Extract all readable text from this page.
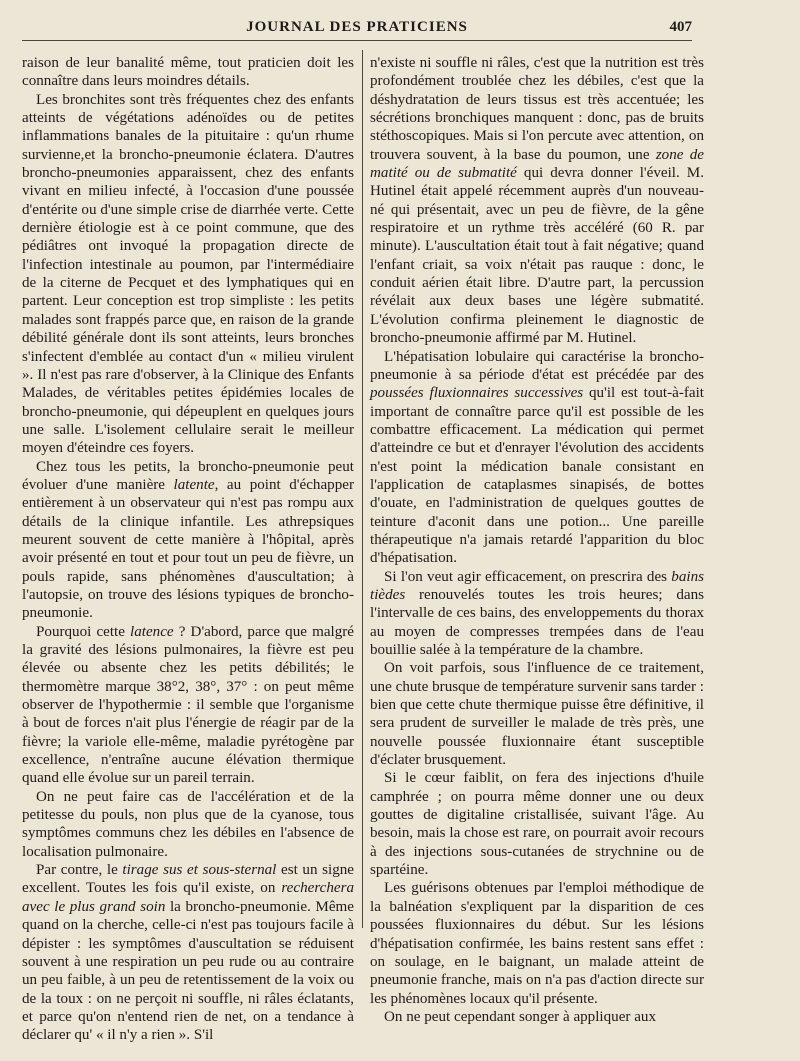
JOURNAL DES PRATICIENS	407

raison de leur banalité même, tout praticien doit les connaître dans leurs moindres détails.

Les bronchites sont très fréquentes chez des enfants atteints de végétations adénoïdes ou de petites inflammations banales de la pituitaire : qu'un rhume survienne,et la broncho-pneumonie éclatera. D'autres broncho-pneumonies apparaissent, chez des enfants vivant en milieu infecté, à l'occasion d'une poussée d'entérite ou d'une simple crise de diarrhée verte. Cette dernière étiologie est à ce point commune, que des pédiâtres ont invoqué la propagation directe de l'infection intestinale au poumon, par l'intermédiaire de la citerne de Pecquet et des lymphatiques qui en partent. Leur conception est trop simpliste : les petits malades sont frappés parce que, en raison de la grande débilité générale dont ils sont atteints, leurs bronches s'infectent d'emblée au contact d'un « milieu virulent ». Il n'est pas rare d'observer, à la Clinique des Enfants Malades, de véritables petites épidémies locales de broncho-pneumonie, qui dépeuplent en quelques jours une salle. L'isolement cellulaire serait le meilleur moyen d'éteindre ces foyers.

Chez tous les petits, la broncho-pneumonie peut évoluer d'une manière latente, au point d'échapper entièrement à un observateur qui n'est pas rompu aux détails de la clinique infantile. Les athrepsiques meurent souvent de cette manière à l'hôpital, après avoir présenté en tout et pour tout un peu de fièvre, un pouls rapide, sans phénomènes d'auscultation; à l'autopsie, on trouve des lésions typiques de broncho-pneumonie.

Pourquoi cette latence ? D'abord, parce que malgré la gravité des lésions pulmonaires, la fièvre est peu élevée ou absente chez les petits débilités; le thermomètre marque 38°2, 38°, 37° : on peut même observer de l'hypothermie : il semble que l'organisme à bout de forces n'ait plus l'énergie de réagir par de la fièvre; la variole elle-même, maladie pyrétogène par excellence, n'entraîne aucune élévation thermique quand elle évolue sur un pareil terrain.

On ne peut faire cas de l'accélération et de la petitesse du pouls, non plus que de la cyanose, tous symptômes communs chez les débiles en l'absence de localisation pulmonaire.

Par contre, le tirage sus et sous-sternal est un signe excellent. Toutes les fois qu'il existe, on recherchera avec le plus grand soin la broncho-pneumonie. Même quand on la cherche, celle-ci n'est pas toujours facile à dépister : les symptômes d'auscultation se réduisent souvent à une respiration un peu rude ou au contraire un peu faible, à un peu de retentissement de la voix ou de la toux : on ne perçoit ni souffle, ni râles éclatants, et parce qu'on n'entend rien de net, on a tendance à déclarer qu' « il n'y a rien ». S'il

n'existe ni souffle ni râles, c'est que la nutrition est très profondément troublée chez les débiles, c'est que la déshydratation de leurs tissus est très accentuée; les sécrétions bronchiques manquent : donc, pas de bruits stéthoscopiques. Mais si l'on percute avec attention, on trouvera souvent, à la base du poumon, une zone de matité ou de submatité qui devra donner l'éveil. M. Hutinel était appelé récemment auprès d'un nouveau-né qui présentait, avec un peu de fièvre, de la gêne respiratoire et un rythme très accéléré (60 R. par minute). L'auscultation était tout à fait négative; quand l'enfant criait, sa voix n'était pas rauque : donc, le conduit aérien était libre. D'autre part, la percussion révélait aux deux bases une légère submatité. L'évolution confirma pleinement le diagnostic de broncho-pneumonie affirmé par M. Hutinel.

L'hépatisation lobulaire qui caractérise la broncho-pneumonie à sa période d'état est précédée par des poussées fluxionnaires successives qu'il est tout-à-fait important de connaître parce qu'il est possible de les combattre efficacement. La médication qui permet d'atteindre ce but et d'enrayer l'évolution des accidents n'est point la médication banale consistant en l'application de cataplasmes sinapisés, de bottes d'ouate, en l'administration de quelques gouttes de teinture d'aconit dans une potion... Une pareille thérapeutique n'a jamais retardé l'apparition du bloc d'hépatisation.

Si l'on veut agir efficacement, on prescrira des bains tièdes renouvelés toutes les trois heures; dans l'intervalle de ces bains, des enveloppements du thorax au moyen de compresses trempées dans de l'eau bouillie salée à la température de la chambre.

On voit parfois, sous l'influence de ce traitement, une chute brusque de température survenir sans tarder : bien que cette chute thermique puisse être définitive, il sera prudent de surveiller le malade de très près, une nouvelle poussée fluxionnaire étant susceptible d'éclater brusquement.

Si le cœur faiblit, on fera des injections d'huile camphrée ; on pourra même donner une ou deux gouttes de digitaline cristallisée, suivant l'âge. Au besoin, mais la chose est rare, on pourrait avoir recours à des injections sous-cutanées de strychnine ou de spartéine.

Les guérisons obtenues par l'emploi méthodique de la balnéation s'expliquent par la disparition de ces poussées fluxionnaires du début. Sur les lésions d'hépatisation confirmée, les bains restent sans effet : on soulage, en le baignant, un malade atteint de pneumonie franche, mais on n'a pas d'action directe sur les phénomènes locaux qu'il présente.

On ne peut cependant songer à appliquer aux
